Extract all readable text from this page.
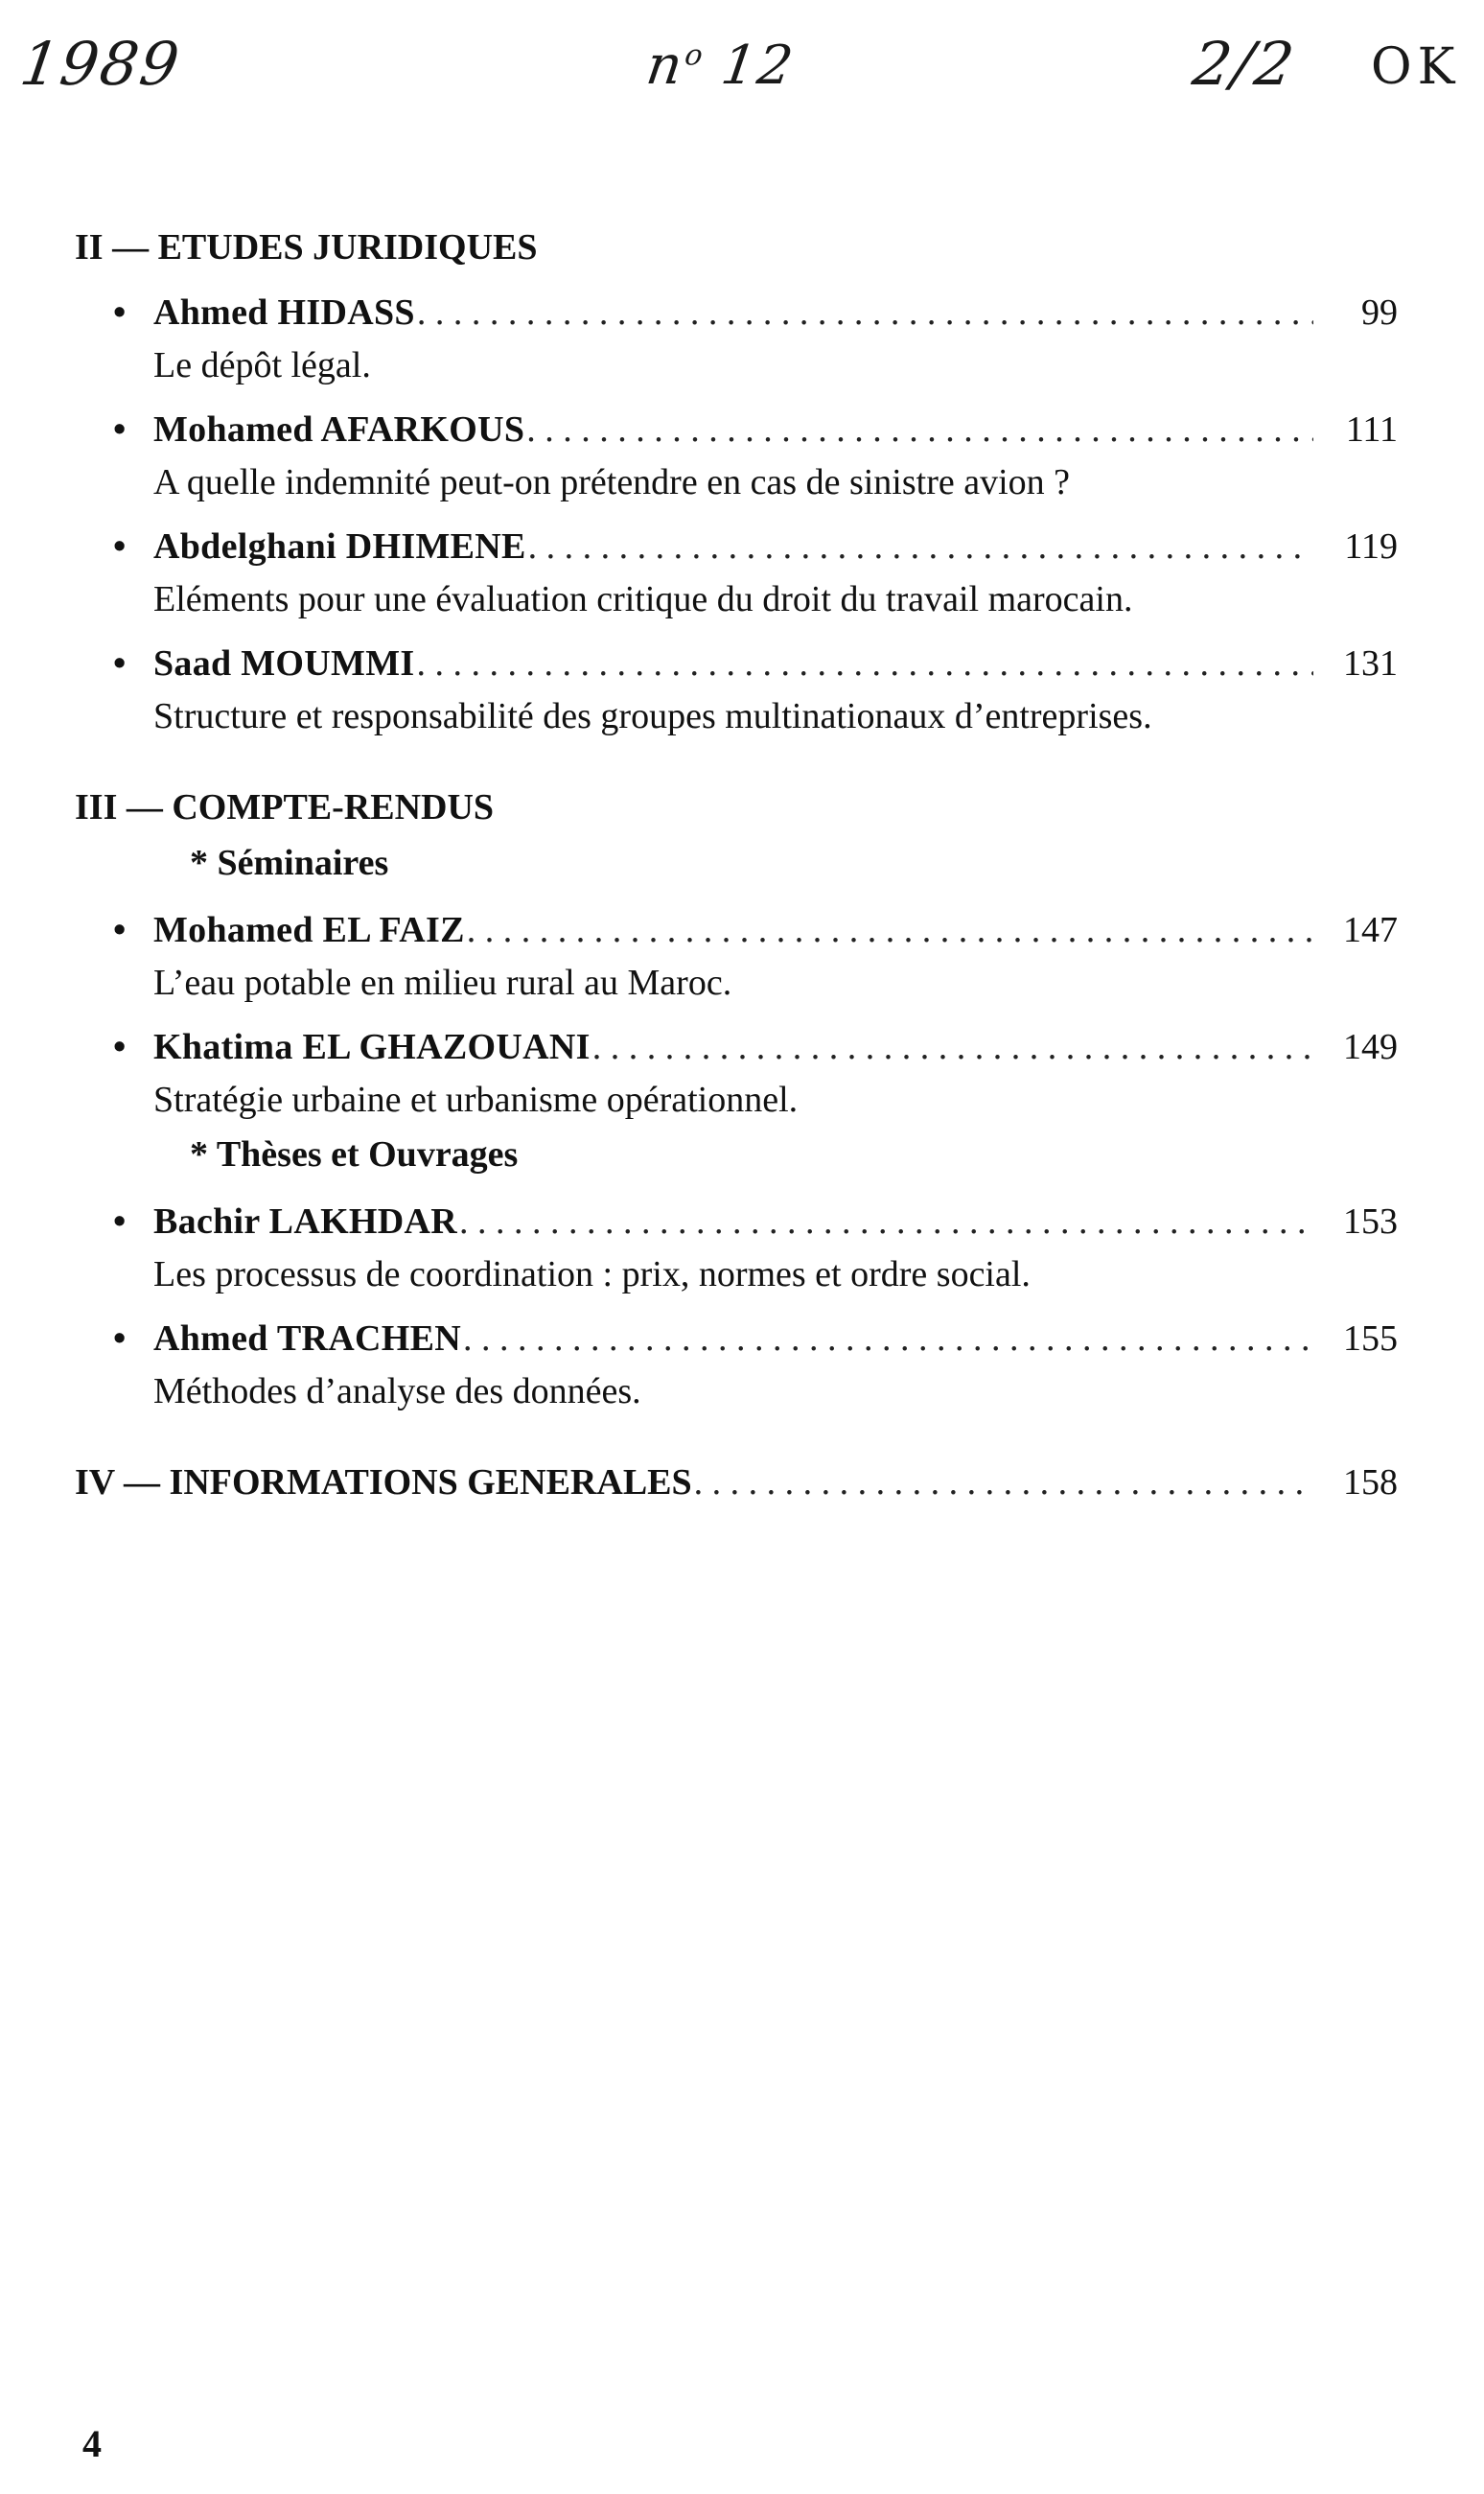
1989	$n^o$ 12	2/2 OK
II — ETUDES JURIDIQUES
• Ahmed HIDASS . . .	99
Le dépôt légal.
• Mohamed AFARKOUS . . .	111
A quelle indemnité peut-on prétendre en cas de sinistre avion ?
• Abdelghani DHIMENE . . .	119
Eléments pour une évaluation critique du droit du travail marocain.
• Saad MOUMMI . . .	131
Structure et responsabilité des groupes multinationaux d’entreprises.
III — COMPTE-RENDUS
* Séminaires
• Mohamed EL FAIZ . . .	147
L’eau potable en milieu rural au Maroc.
• Khatima EL GHAZOUANI . . .	149
Stratégie urbaine et urbanisme opérationnel.
* Thèses et Ouvrages
• Bachir LAKHDAR . . .	153
Les processus de coordination : prix, normes et ordre social.
• Ahmed TRACHEN . . .	155
Méthodes d’analyse des données.
IV — INFORMATIONS GENERALES . . .	158
4
